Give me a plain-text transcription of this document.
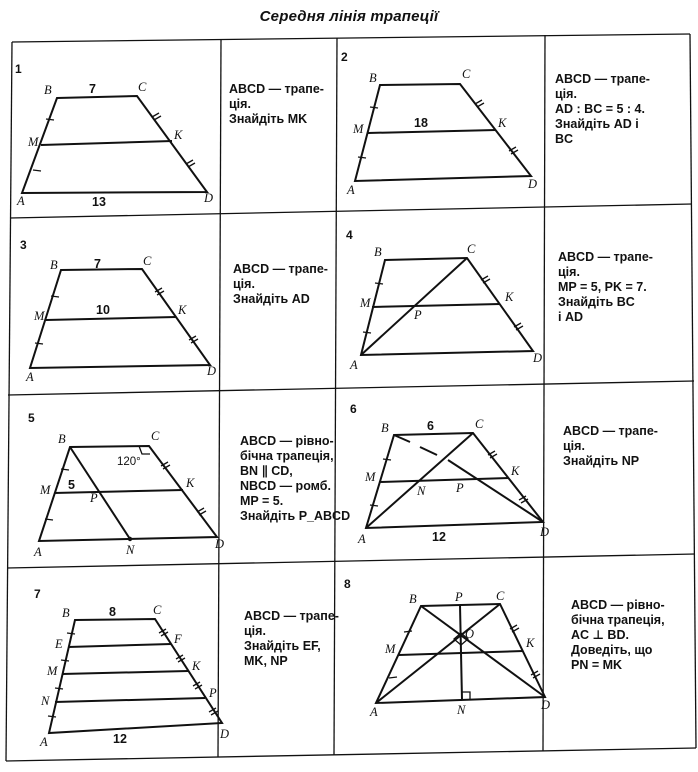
Середня лінія трапеції
1
B	C
M	K
A	D
7
13
2
B	C
M	K
A	D
18
3
B	C
M	K
A	D
7
10
4
B	C
M
P
K
A	D
5
B	C
M
P
K
A	N	D
5
120°
6
B	C
M
N P
K
A	D
6
12
7
B	C
E	F
M	K
N
P
A
D
8
12
8
B	P	C
O
M	K
A	N	D
ABCD — трапе-
ція.
Знайдіть MK
ABCD — трапе-
ція.
AD : BC = 5 : 4.
Знайдіть AD і
BC
ABCD — трапе-
ція.
Знайдіть AD
ABCD — трапе-
ція.
MP = 5, PK = 7.
Знайдіть BC
і AD
ABCD — рівно-
бічна трапеція,
BN ∥ CD,
NBCD — ромб.
MP = 5.
Знайдіть P_ABCD
ABCD — трапе-
ція.
Знайдіть NP
ABCD — трапе-
ція.
Знайдіть EF,
MK, NP
ABCD — рівно-
бічна трапеція,
AC ⊥ BD.
Доведіть, що
PN = MK
